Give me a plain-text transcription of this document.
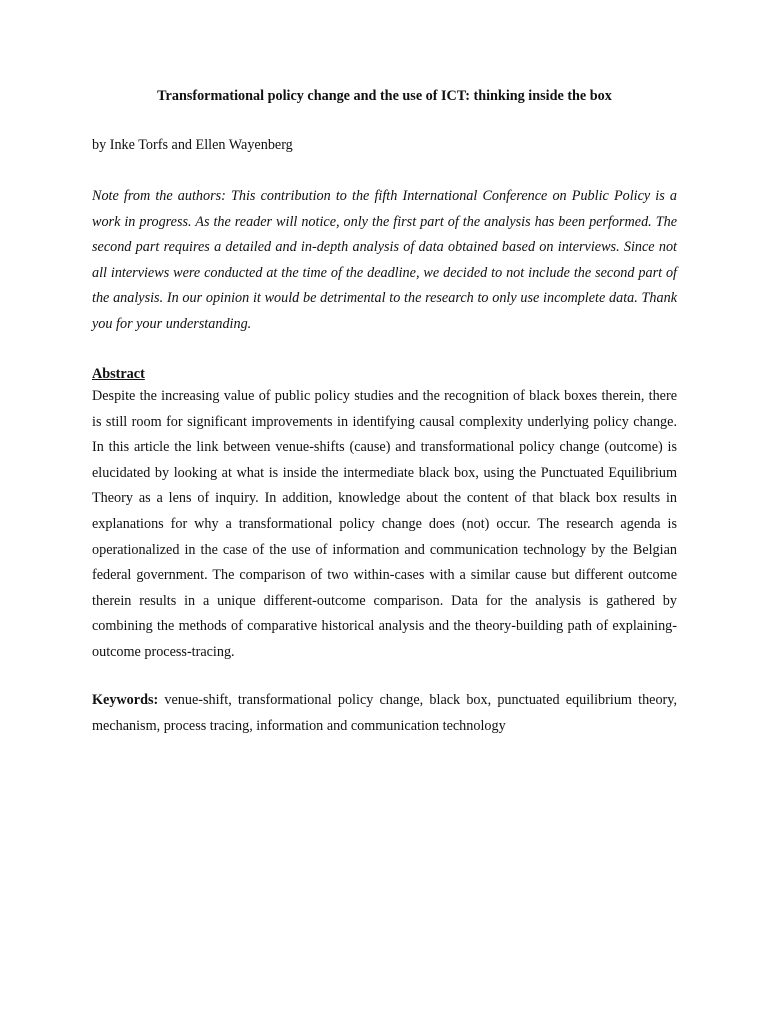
Transformational policy change and the use of ICT: thinking inside the box
by Inke Torfs and Ellen Wayenberg

Note from the authors: This contribution to the fifth International Conference on Public Policy is a work in progress. As the reader will notice, only the first part of the analysis has been performed. The second part requires a detailed and in-depth analysis of data obtained based on interviews. Since not all interviews were conducted at the time of the deadline, we decided to not include the second part of the analysis. In our opinion it would be detrimental to the research to only use incomplete data. Thank you for your understanding.

Abstract

Despite the increasing value of public policy studies and the recognition of black boxes therein, there is still room for significant improvements in identifying causal complexity underlying policy change. In this article the link between venue-shifts (cause) and transformational policy change (outcome) is elucidated by looking at what is inside the intermediate black box, using the Punctuated Equilibrium Theory as a lens of inquiry. In addition, knowledge about the content of that black box results in explanations for why a transformational policy change does (not) occur. The research agenda is operationalized in the case of the use of information and communication technology by the Belgian federal government. The comparison of two within-cases with a similar cause but different outcome therein results in a unique different-outcome comparison. Data for the analysis is gathered by combining the methods of comparative historical analysis and the theory-building path of explaining-outcome process-tracing.

Keywords: venue-shift, transformational policy change, black box, punctuated equilibrium theory, mechanism, process tracing, information and communication technology
